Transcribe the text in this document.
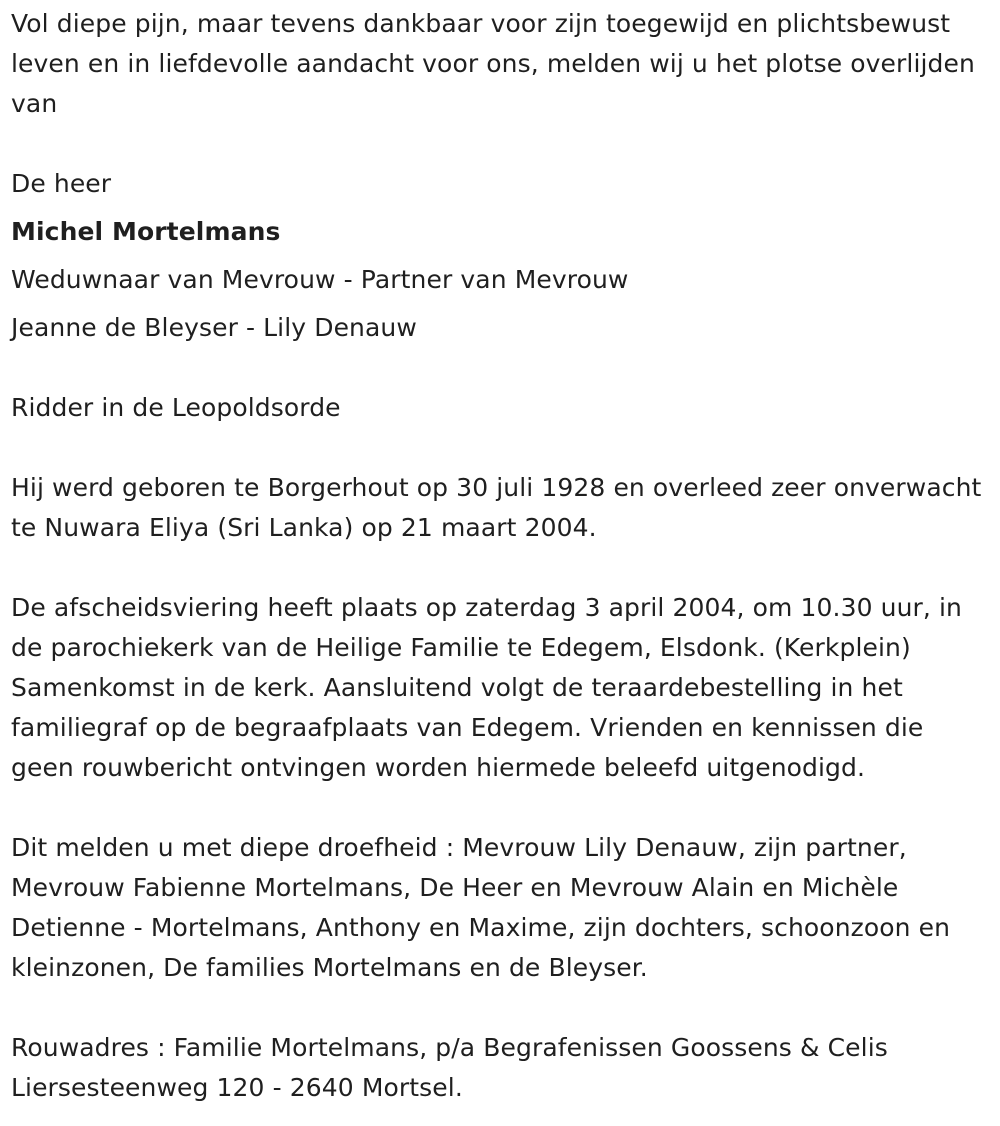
Vol diepe pijn, maar tevens dankbaar voor zijn toegewijd en plichtsbewust leven en in liefdevolle aandacht voor ons, melden wij u het plotse overlijden van

De heer

Michel Mortelmans

Weduwnaar van Mevrouw - Partner van Mevrouw

Jeanne de Bleyser - Lily Denauw

Ridder in de Leopoldsorde

Hij werd geboren te Borgerhout op 30 juli 1928 en overleed zeer onverwacht te Nuwara Eliya (Sri Lanka) op 21 maart 2004.

De afscheidsviering heeft plaats op zaterdag 3 april 2004, om 10.30 uur, in de parochiekerk van de Heilige Familie te Edegem, Elsdonk. (Kerkplein) Samenkomst in de kerk. Aansluitend volgt de teraardebestelling in het familiegraf op de begraafplaats van Edegem. Vrienden en kennissen die geen rouwbericht ontvingen worden hiermede beleefd uitgenodigd.

Dit melden u met diepe droefheid : Mevrouw Lily Denauw, zijn partner, Mevrouw Fabienne Mortelmans, De Heer en Mevrouw Alain en Michèle Detienne - Mortelmans, Anthony en Maxime, zijn dochters, schoonzoon en kleinzonen, De families Mortelmans en de Bleyser.

Rouwadres : Familie Mortelmans, p/a Begrafenissen Goossens & Celis

Liersesteenweg 120 - 2640 Mortsel.
